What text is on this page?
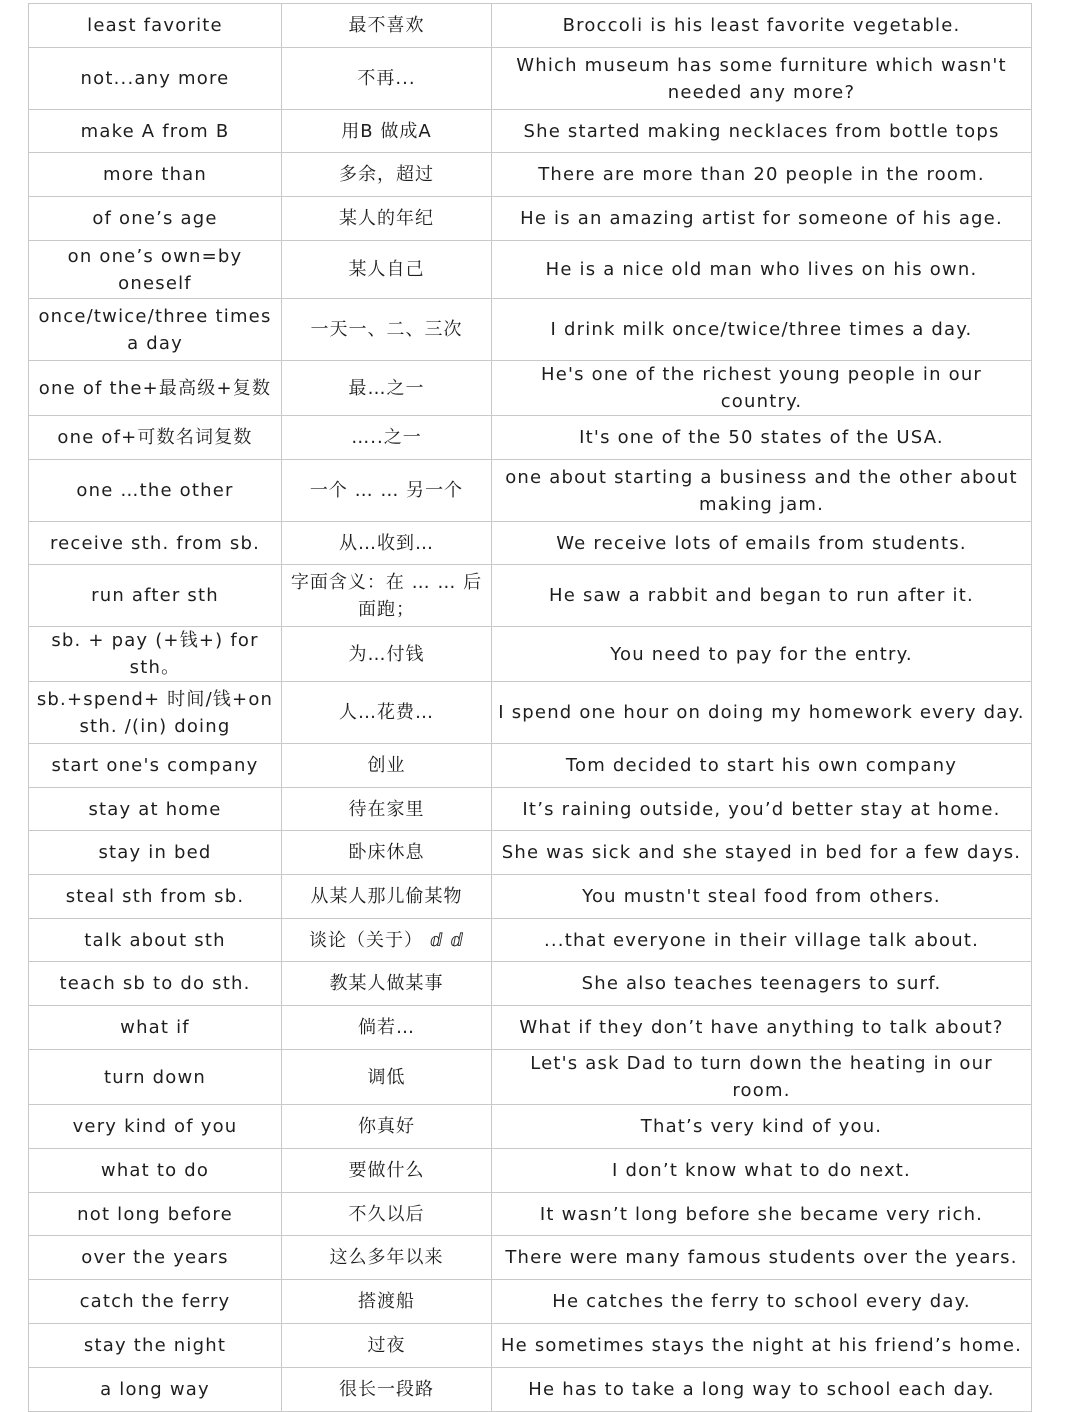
least favorite	最不喜欢	Broccoli is his least favorite vegetable.
not...any more	不再...	Which museum has some furniture which wasn't needed any more?
make A from B	用B 做成A	She started making necklaces from bottle tops
more than	多余，超过	There are more than 20 people in the room.
of one’s age	某人的年纪	He is an amazing artist for someone of his age.
on one’s own=by oneself	某人自己	He is a nice old man who lives on his own.
once/twice/three times a day	一天一、二、三次	I drink milk once/twice/three times a day.
one of the+最高级+复数	最…之一	He's one of the richest young people in our country.
one of+可数名词复数	…..之一	It's one of the 50 states of the USA.
one …the other	一个 … … 另一个	one about starting a business and the other about making jam.
receive sth. from sb.	从…收到…	We receive lots of emails from students.
run after sth	字面含义：在 … … 后面跑；	He saw a rabbit and began to run after it.
sb. + pay (+钱+) for sth。	为…付钱	You need to pay for the entry.
sb.+spend+ 时间/钱+on sth. /(in) doing	人…花费…	I spend one hour on doing my homework every day.
start one's company	创业	Tom decided to start his own company
stay at home	待在家里	It’s raining outside, you’d better stay at home.
stay in bed	卧床休息	She was sick and she stayed in bed for a few days.
steal sth from sb.	从某人那儿偷某物	You mustn't steal food from others.
talk about sth	谈论（关于） ⅆ ⅆ	...that everyone in their village talk about.
teach sb to do sth.	教某人做某事	She also teaches teenagers to surf.
what if	倘若…	What if they don’t have anything to talk about?
turn down	调低	Let's ask Dad to turn down the heating in our room.
very kind of you	你真好	That’s very kind of you.
what to do	要做什么	I don’t know what to do next.
not long before	不久以后	It wasn’t long before she became very rich.
over the years	这么多年以来	There were many famous students over the years.
catch the ferry	搭渡船	He catches the ferry to school every day.
stay the night	过夜	He sometimes stays the night at his friend’s home.
a long way	很长一段路	He has to take a long way to school each day.
